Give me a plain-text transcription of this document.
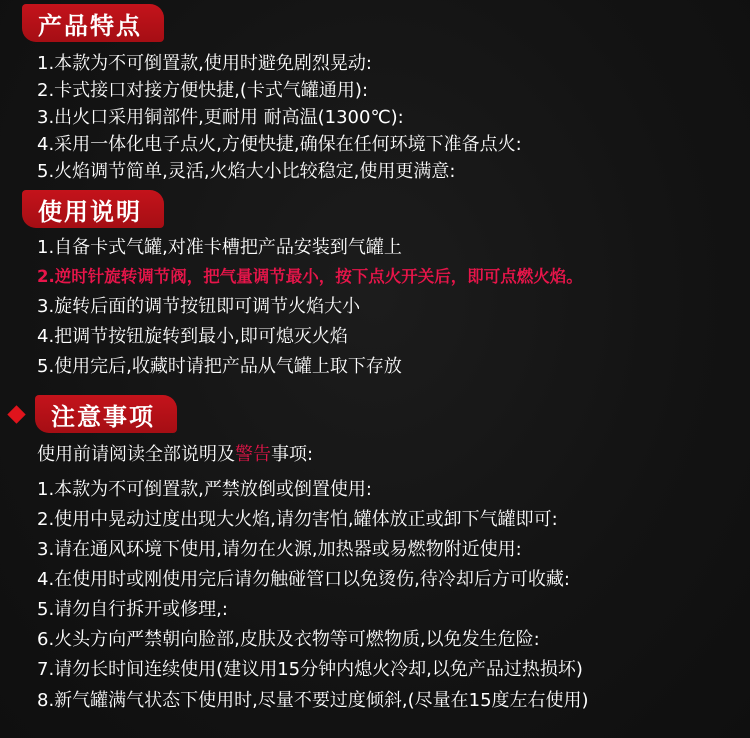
产品特点
1.本款为不可倒置款,使用时避免剧烈晃动:
2.卡式接口对接方便快捷,(卡式气罐通用):
3.出火口采用铜部件,更耐用 耐高温(1300℃):
4.采用一体化电子点火,方便快捷,确保在任何环境下准备点火:
5.火焰调节简单,灵活,火焰大小比较稳定,使用更满意:
使用说明
1.自备卡式气罐,对准卡槽把产品安装到气罐上
2.逆时针旋转调节阀，把气量调节最小，按下点火开关后，即可点燃火焰。
3.旋转后面的调节按钮即可调节火焰大小
4.把调节按钮旋转到最小,即可熄灭火焰
5.使用完后,收藏时请把产品从气罐上取下存放
注意事项
使用前请阅读全部说明及警告事项:
1.本款为不可倒置款,严禁放倒或倒置使用:
2.使用中晃动过度出现大火焰,请勿害怕,罐体放正或卸下气罐即可:
3.请在通风环境下使用,请勿在火源,加热器或易燃物附近使用:
4.在使用时或刚使用完后请勿触碰管口以免烫伤,待冷却后方可收藏:
5.请勿自行拆开或修理,:
6.火头方向严禁朝向脸部,皮肤及衣物等可燃物质,以免发生危险:
7.请勿长时间连续使用(建议用15分钟内熄火冷却,以免产品过热损坏)
8.新气罐满气状态下使用时,尽量不要过度倾斜,(尽量在15度左右使用)
